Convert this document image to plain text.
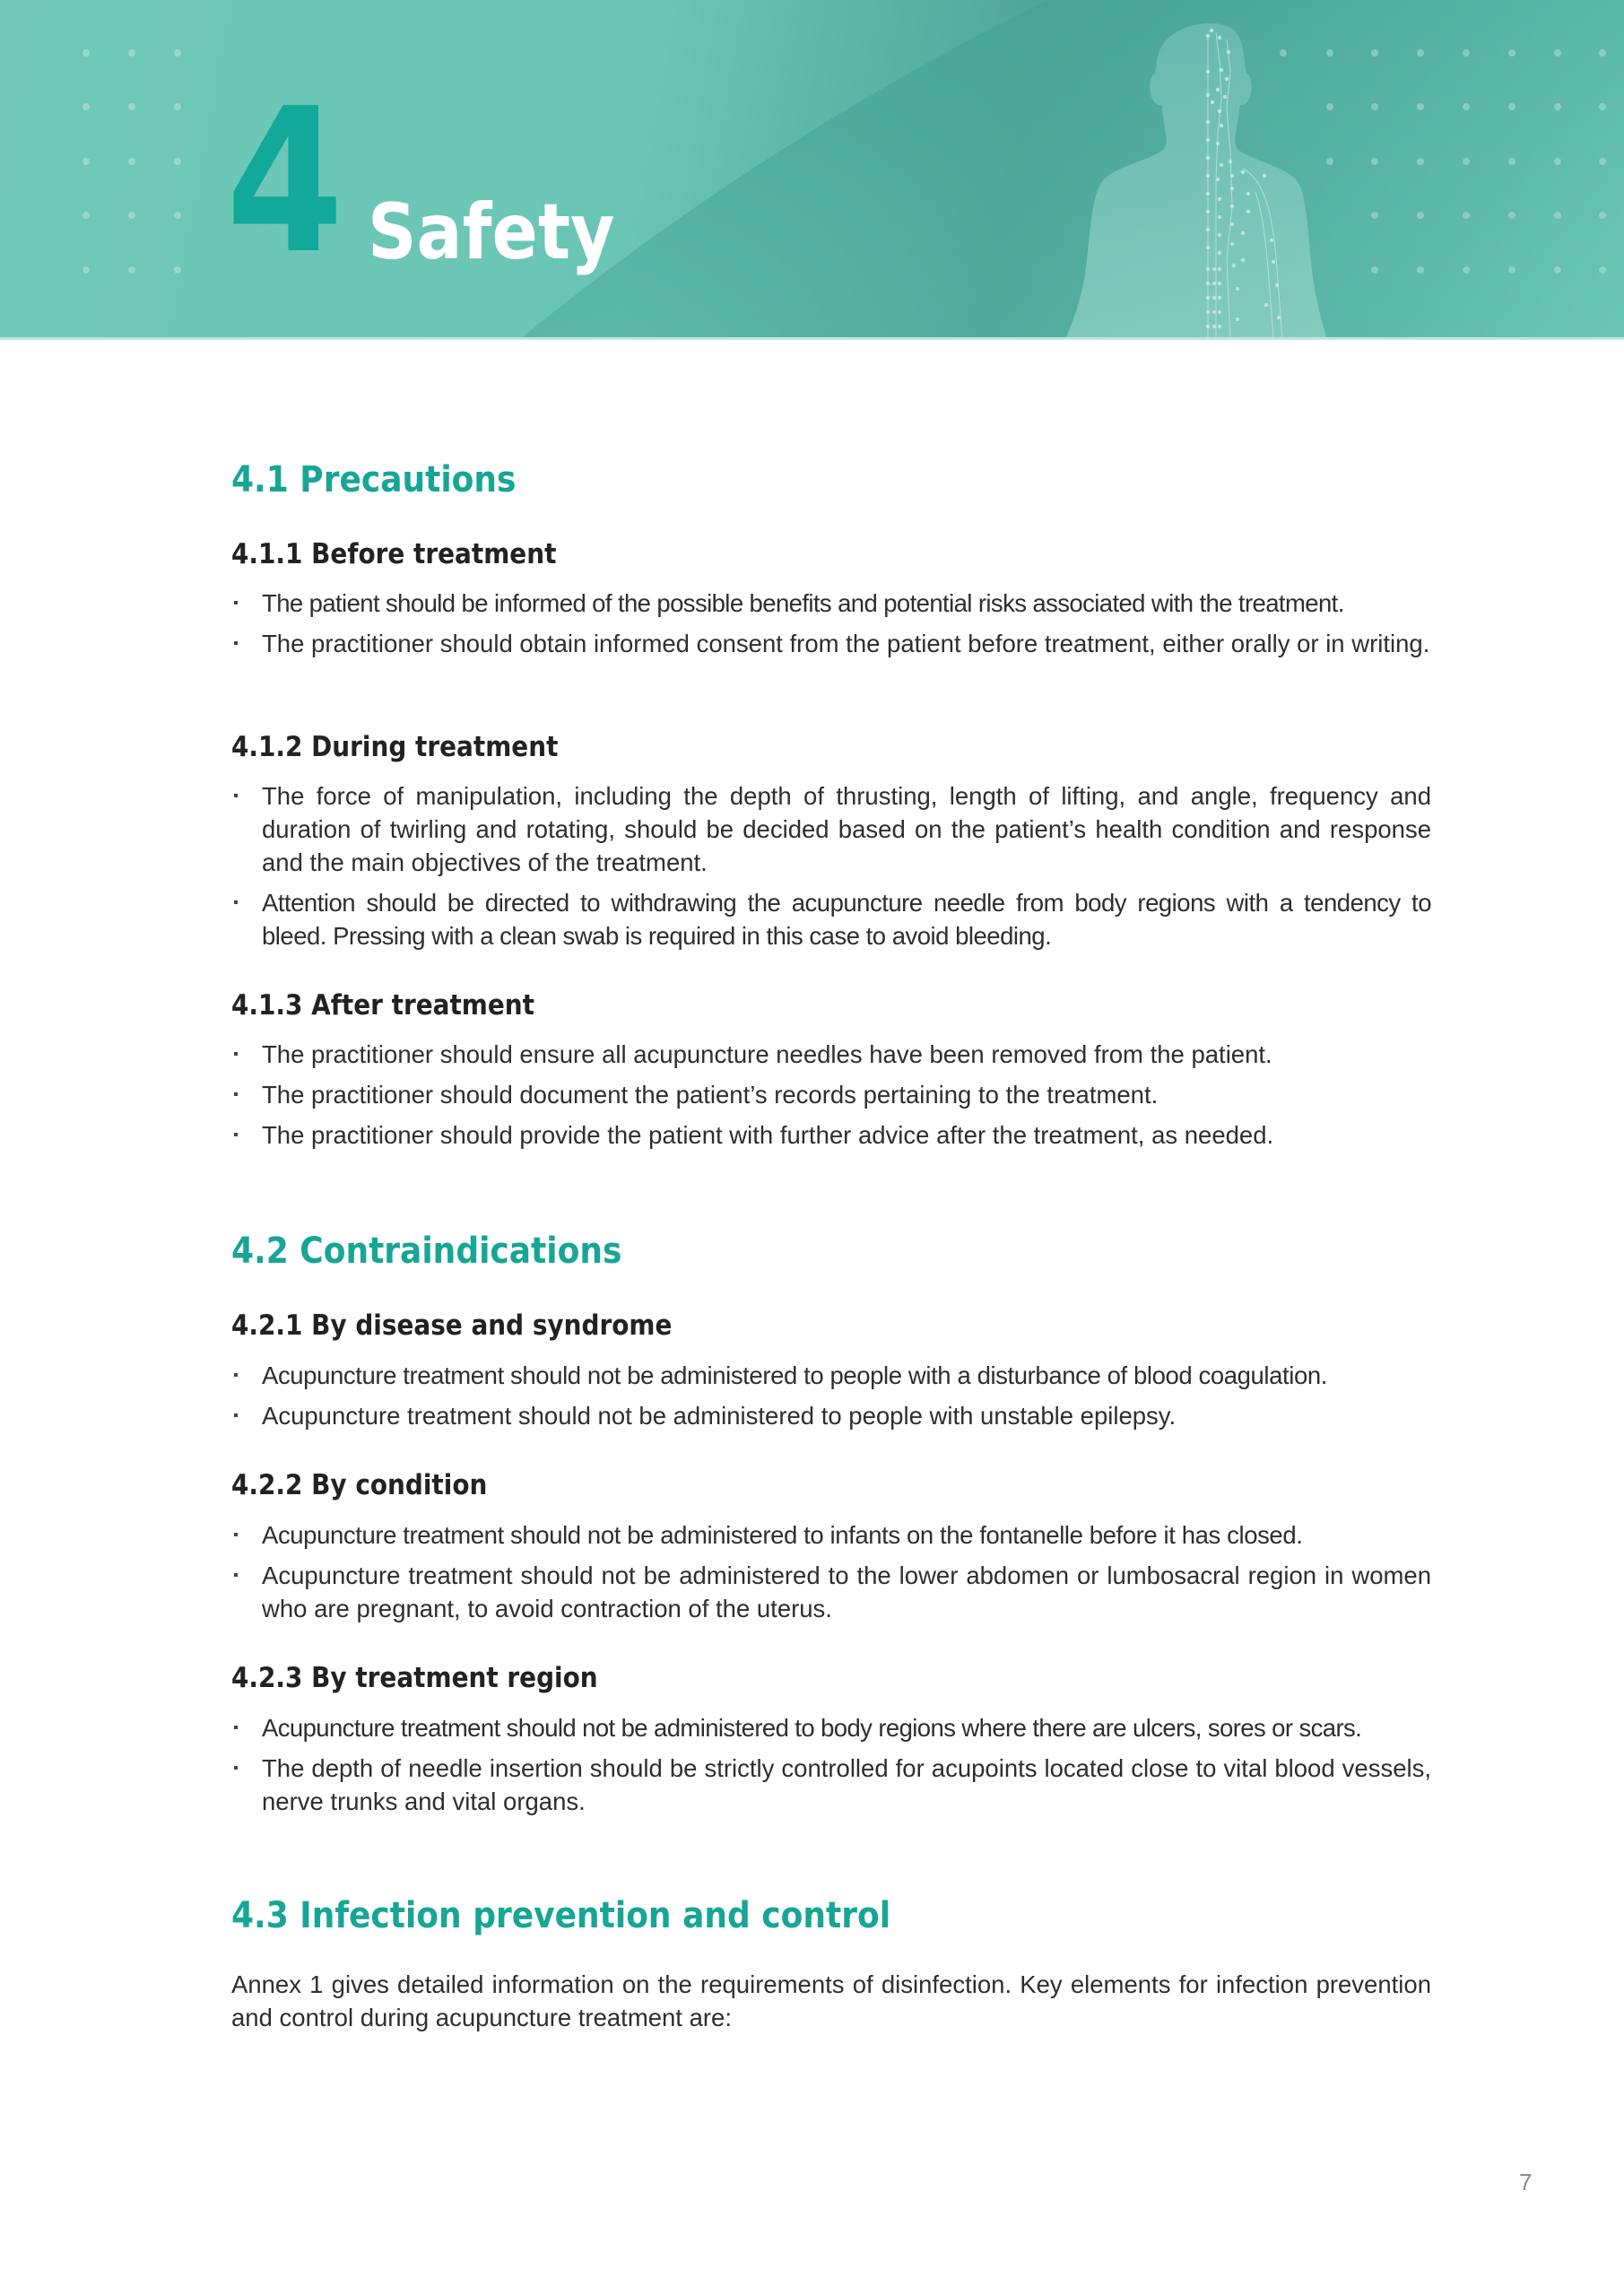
4 Safety
4.1 Precautions
4.1.1 Before treatment
The patient should be informed of the possible benefits and potential risks associated with the treatment.
The practitioner should obtain informed consent from the patient before treatment, either orally or in writing.
4.1.2 During treatment
The force of manipulation, including the depth of thrusting, length of lifting, and angle, frequency and duration of twirling and rotating, should be decided based on the patient’s health condition and response and the main objectives of the treatment.
Attention should be directed to withdrawing the acupuncture needle from body regions with a tendency to bleed. Pressing with a clean swab is required in this case to avoid bleeding.
4.1.3 After treatment
The practitioner should ensure all acupuncture needles have been removed from the patient.
The practitioner should document the patient’s records pertaining to the treatment.
The practitioner should provide the patient with further advice after the treatment, as needed.
4.2 Contraindications
4.2.1 By disease and syndrome
Acupuncture treatment should not be administered to people with a disturbance of blood coagulation.
Acupuncture treatment should not be administered to people with unstable epilepsy.
4.2.2 By condition
Acupuncture treatment should not be administered to infants on the fontanelle before it has closed.
Acupuncture treatment should not be administered to the lower abdomen or lumbosacral region in women who are pregnant, to avoid contraction of the uterus.
4.2.3 By treatment region
Acupuncture treatment should not be administered to body regions where there are ulcers, sores or scars.
The depth of needle insertion should be strictly controlled for acupoints located close to vital blood vessels, nerve trunks and vital organs.
4.3 Infection prevention and control

Annex 1 gives detailed information on the requirements of disinfection. Key elements for infection prevention and control during acupuncture treatment are:

7
